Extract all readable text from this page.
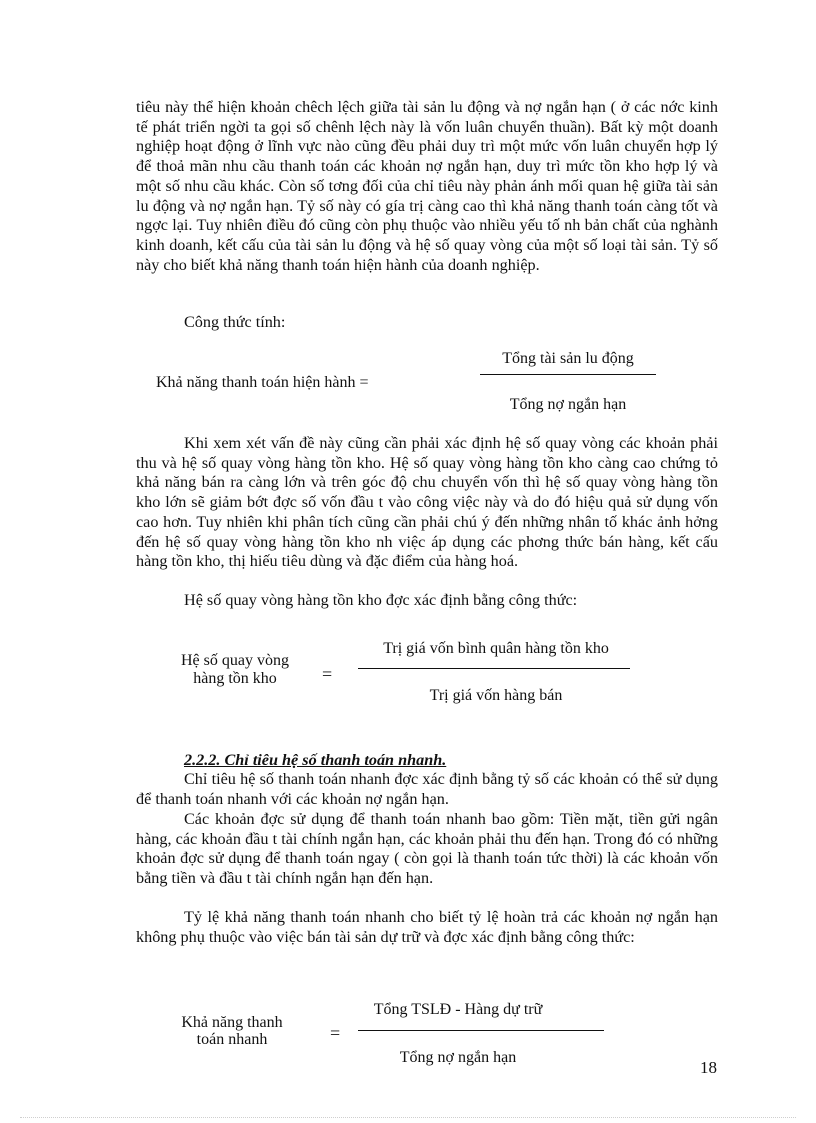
tiêu này thể hiện khoản chêch lệch giữa tài sản lu động và nợ ngắn hạn ( ở các nớc kinh tế phát triển ngời ta gọi số chênh lệch này là vốn luân chuyển thuần). Bất kỳ một doanh nghiệp hoạt động ở lĩnh vực nào cũng đều phải duy trì một mức vốn luân chuyển hợp lý để thoả mãn nhu cầu thanh toán các khoản nợ ngắn hạn, duy trì mức tồn kho hợp lý và một số nhu cầu khác. Còn số tơng đối của chỉ tiêu này phản ánh mối quan hệ giữa tài sản lu động và nợ ngắn hạn. Tỷ số này có gía trị càng cao thì khả năng thanh toán càng tốt và ngợc lại. Tuy nhiên điều đó cũng còn phụ thuộc vào nhiều yếu tố nh bản chất của nghành kinh doanh, kết cấu của tài sản lu động và hệ số quay vòng của một số loại tài sản. Tỷ số này cho biết khả năng thanh toán hiện hành của doanh nghiệp.

Công thức tính:

Khả năng thanh toán hiện hành =

Tổng tài sản lu động
Tổng nợ ngắn hạn

Khi xem xét vấn đề này cũng cần phải xác định hệ số quay vòng các khoản phải thu và hệ số quay vòng hàng tồn kho. Hệ số quay vòng hàng tồn kho càng cao chứng tỏ khả năng bán ra càng lớn và trên góc độ chu chuyển vốn thì hệ số quay vòng hàng tồn kho lớn sẽ giảm bớt đợc số vốn đầu t vào công việc này và do đó hiệu quả sử dụng vốn cao hơn. Tuy nhiên khi phân tích cũng cần phải chú ý đến những nhân tố khác ảnh hởng đến hệ số quay vòng hàng tồn kho nh việc áp dụng các phơng thức bán hàng, kết cấu hàng tồn kho, thị hiếu tiêu dùng và đặc điểm của hàng hoá.

Hệ số quay vòng hàng tồn kho đợc xác định bằng công thức:

Hệ số quay vòng

hàng tồn kho	=
Trị giá vốn bình quân hàng tồn kho
Trị giá vốn hàng bán

2.2.2. Chỉ tiêu hệ số thanh toán nhanh.

Chỉ tiêu hệ số thanh toán nhanh đợc xác định bằng tỷ số các khoản có thể sử dụng để thanh toán nhanh với các khoản nợ ngắn hạn.

Các khoản đợc sử dụng để thanh toán nhanh bao gồm: Tiền mặt, tiền gửi ngân hàng, các khoản đầu t tài chính ngắn hạn, các khoản phải thu đến hạn. Trong đó có những khoản đợc sử dụng để thanh toán ngay ( còn gọi là thanh toán tức thời) là các khoản vốn bằng tiền và đầu t tài chính ngắn hạn đến hạn.

Tỷ lệ khả năng thanh toán nhanh cho biết tỷ lệ hoàn trả các khoản nợ ngắn hạn không phụ thuộc vào việc bán tài sản dự trữ và đợc xác định bằng công thức:

Khả năng thanh

toán nhanh	=
Tổng TSLĐ - Hàng dự trữ
Tổng nợ ngắn hạn
18
